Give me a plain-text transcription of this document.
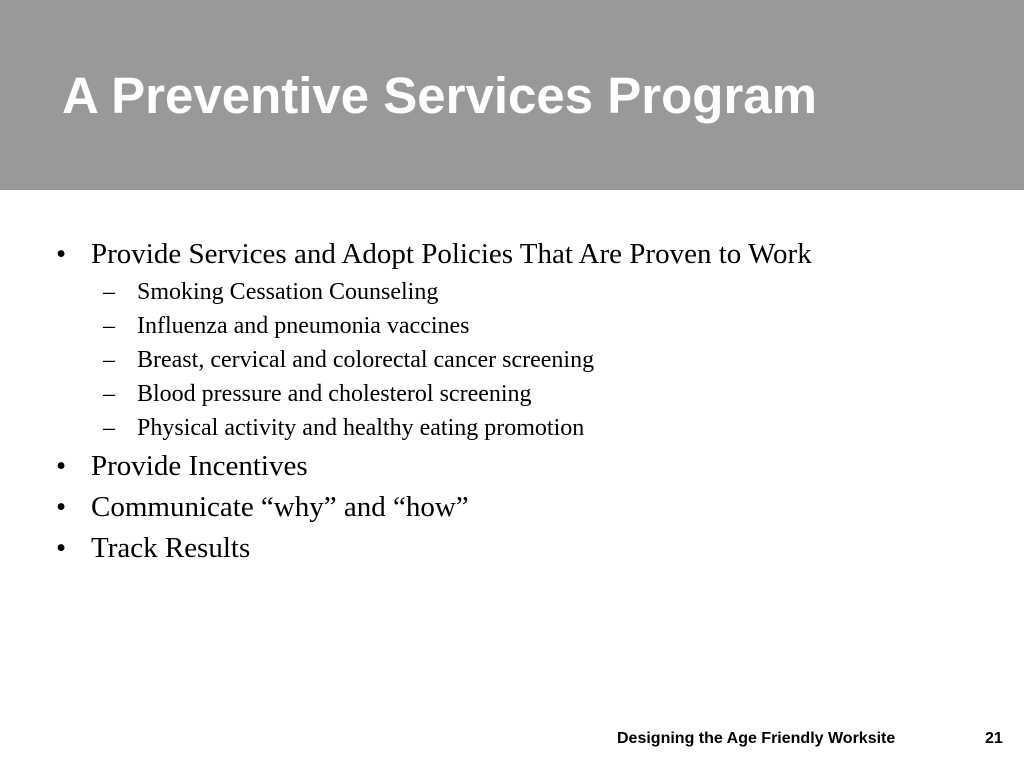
A Preventive Services Program
• Provide Services and Adopt Policies That Are Proven to Work
– Smoking Cessation Counseling
– Influenza and pneumonia vaccines
– Breast, cervical and colorectal cancer screening
– Blood pressure and cholesterol screening
– Physical activity and healthy eating promotion
• Provide Incentives
• Communicate “why” and “how”
• Track Results
Designing the Age Friendly Worksite	21
